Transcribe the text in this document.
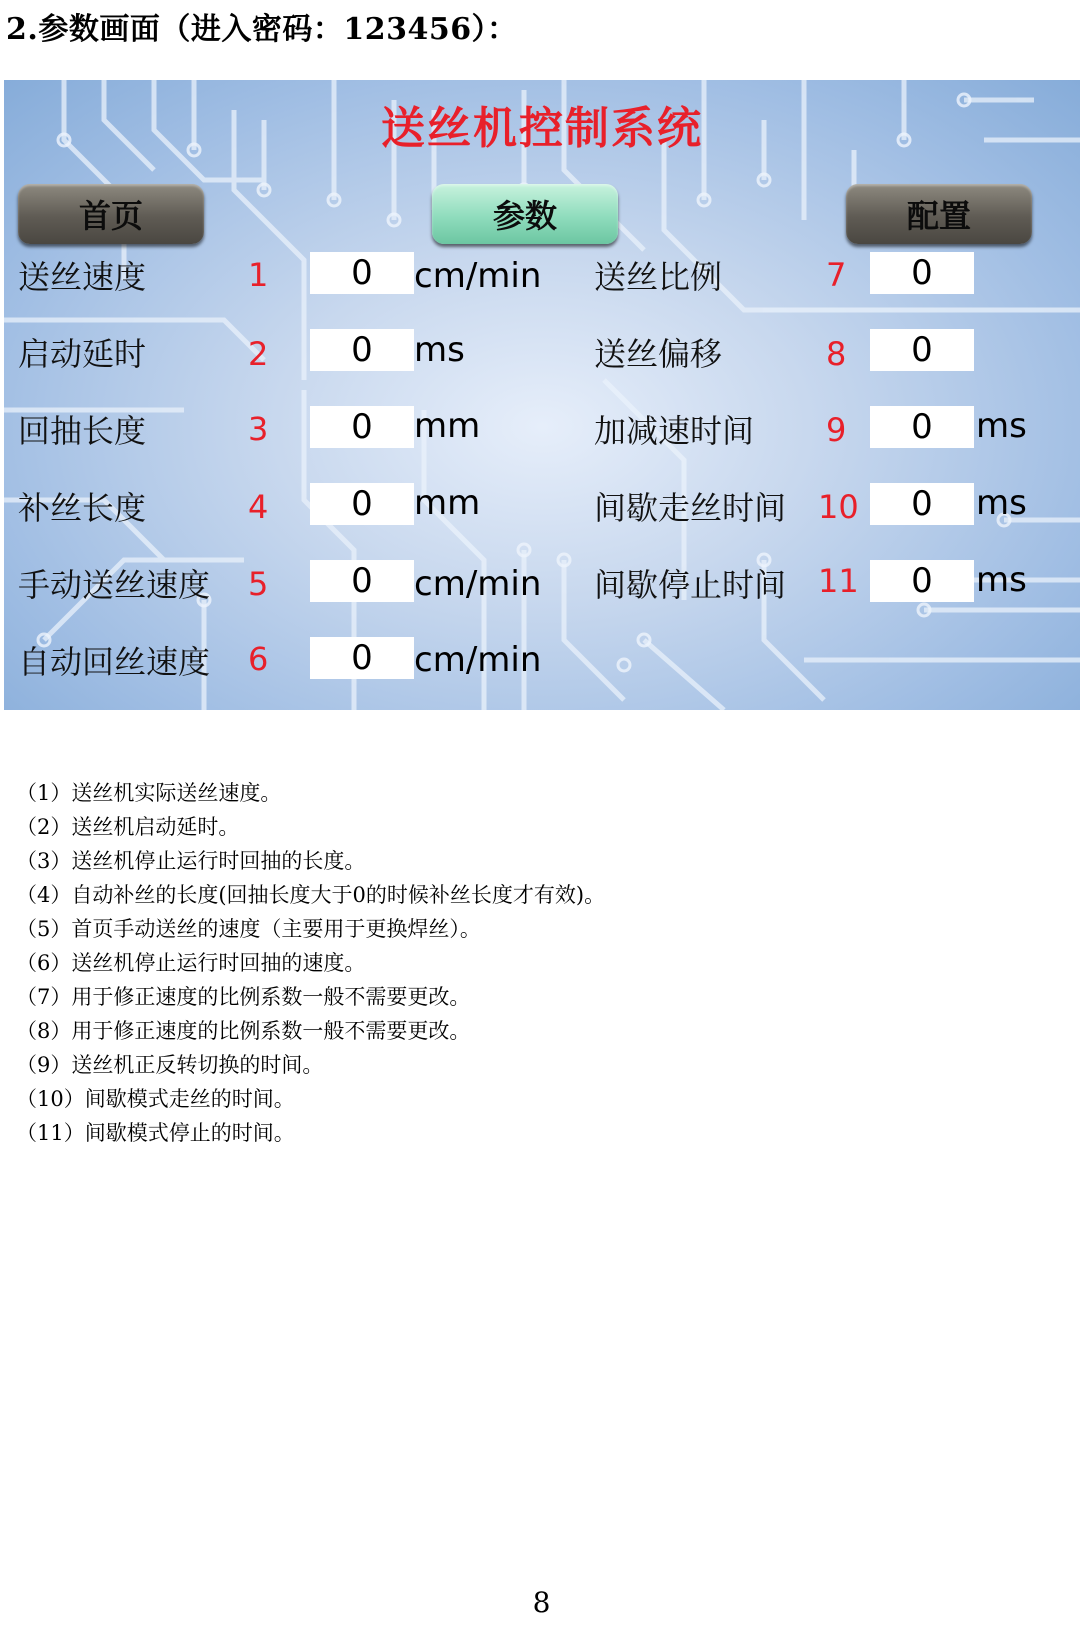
2.参数画面（进入密码：123456）：
送丝机控制系统
首页	参数	配置
送丝速度	1	0	cm/min
启动延时	2	0	ms
回抽长度	3	0	mm
补丝长度	4	0	mm
手动送丝速度 5	0	cm/min
自动回丝速度 6	0	cm/min
送丝比例	7	0
送丝偏移	8	0
加减速时间 9	0	ms
间歇走丝时间 10	0	ms
间歇停止时间 11	0	ms
（1）送丝机实际送丝速度。
（2）送丝机启动延时。
（3）送丝机停止运行时回抽的长度。
（4）自动补丝的长度(回抽长度大于0的时候补丝长度才有效)。
（5）首页手动送丝的速度（主要用于更换焊丝）。
（6）送丝机停止运行时回抽的速度。
（7）用于修正速度的比例系数一般不需要更改。
（8）用于修正速度的比例系数一般不需要更改。
（9）送丝机正反转切换的时间。
（10）间歇模式走丝的时间。
（11）间歇模式停止的时间。
8
